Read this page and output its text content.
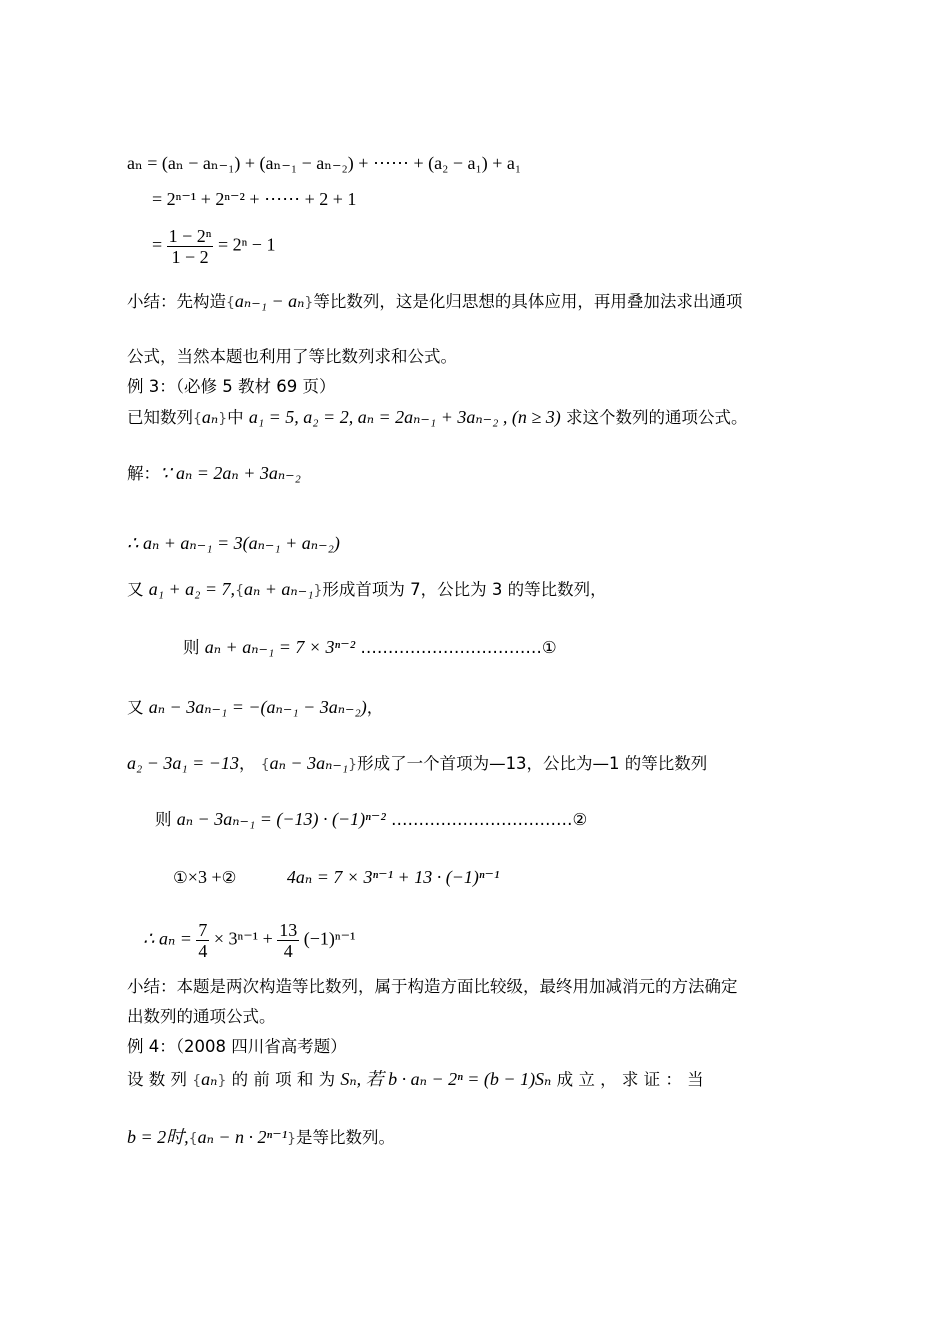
aₙ = (aₙ − aₙ₋₁) + (aₙ₋₁ − aₙ₋₂) + ⋯⋯ + (a₂ − a₁) + a₁
= 2ⁿ⁻¹ + 2ⁿ⁻² + ⋯⋯ + 2 + 1
= $\frac{\text{1 − 2ⁿ}}{1 - 2} = 2^n - 1$
小结：先构造{aₙ₋₁ − aₙ}等比数列，这是化归思想的具体应用，再用叠加法求出通项
公式，当然本题也利用了等比数列求和公式。
例 3：（必修 5 教材 69 页）
已知数列{aₙ}中 a₁ = 5, a₂ = 2, aₙ = 2aₙ₋₁ + 3aₙ₋₂ , (n ≥ 3) 求这个数列的通项公式。
解：∵ aₙ = 2aₙ + 3aₙ₋₂
∴ aₙ + aₙ₋₁ = 3(aₙ₋₁ + aₙ₋₂)
又 a₁ + a₂ = 7,{aₙ + aₙ₋₁}形成首项为 7，公比为 3 的等比数列，
则 aₙ + aₙ₋₁ = 7 × 3ⁿ⁻² ……………………………①
又 aₙ − 3aₙ₋₁ = −(aₙ₋₁ − 3aₙ₋₂)，
a₂ − 3a₁ = −13， {aₙ − 3aₙ₋₁}形成了一个首项为—13，公比为—1 的等比数列
则 aₙ − 3aₙ₋₁ = (−13) · (−1)ⁿ⁻² ……………………………②
①×3 +②	4aₙ = 7 × 3ⁿ⁻¹ + 13 · (−1)ⁿ⁻¹
∴ $a_n = \frac{7}{4} \times 3^{n-1} + \frac{13}{4} (-1)^{n-1}$
小结：本题是两次构造等比数列，属于构造方面比较级，最终用加减消元的方法确定
出数列的通项公式。
例 4：（2008 四川省高考题）
设 数 列 {aₙ} 的 前 项 和 为 Sₙ, 若 b · aₙ − 2ⁿ = (b − 1)Sₙ 成 立 ， 求 证 ： 当
b = 2时,{aₙ − n · 2ⁿ⁻¹}是等比数列。
